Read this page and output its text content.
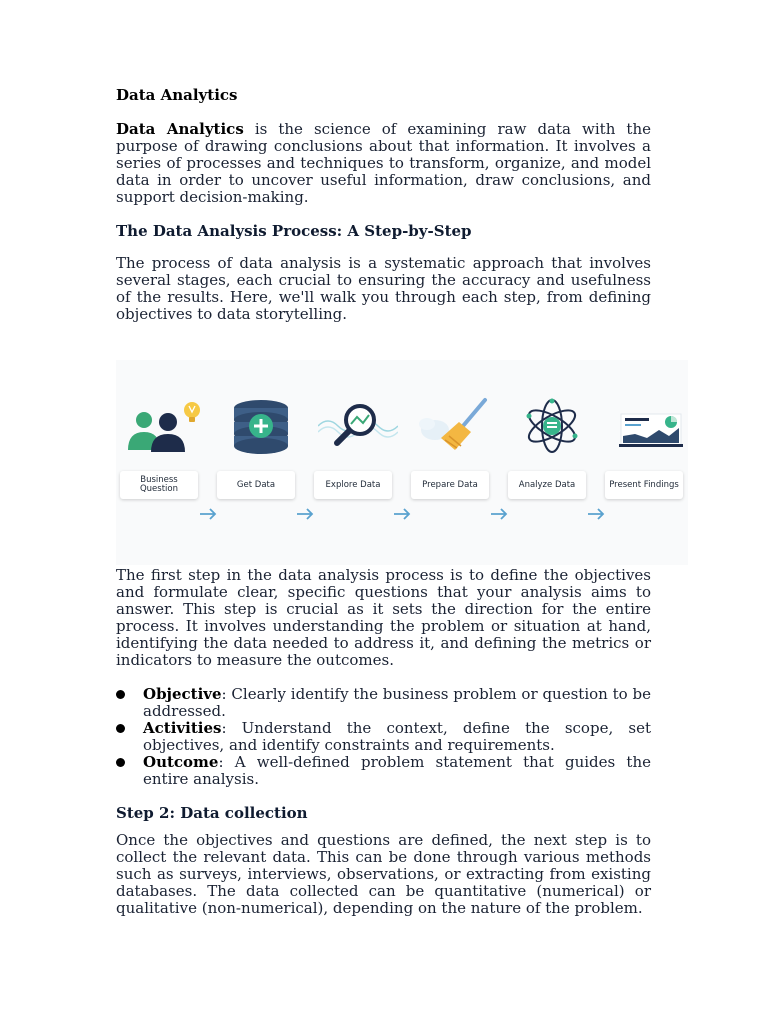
Data Analytics

Data Analytics is the science of examining raw data with the purpose of drawing conclusions about that information. It involves a series of processes and techniques to transform, organize, and model data in order to uncover useful information, draw conclusions, and support decision-making.

The Data Analysis Process: A Step-by-Step

The process of data analysis is a systematic approach that involves several stages, each crucial to ensuring the accuracy and usefulness of the results. Here, we'll walk you through each step, from defining objectives to data storytelling.

Business Question	Get Data	Explore Data	Prepare Data	Analyze Data	Present Findings

The first step in the data analysis process is to define the objectives and formulate clear, specific questions that your analysis aims to answer. This step is crucial as it sets the direction for the entire process. It involves understanding the problem or situation at hand, identifying the data needed to address it, and defining the metrics or indicators to measure the outcomes.

Objective: Clearly identify the business problem or question to be addressed.
Activities: Understand the context, define the scope, set objectives, and identify constraints and requirements.
Outcome: A well-defined problem statement that guides the entire analysis.
Step 2: Data collection

Once the objectives and questions are defined, the next step is to collect the relevant data. This can be done through various methods such as surveys, interviews, observations, or extracting from existing databases. The data collected can be quantitative (numerical) or qualitative (non-numerical), depending on the nature of the problem.
